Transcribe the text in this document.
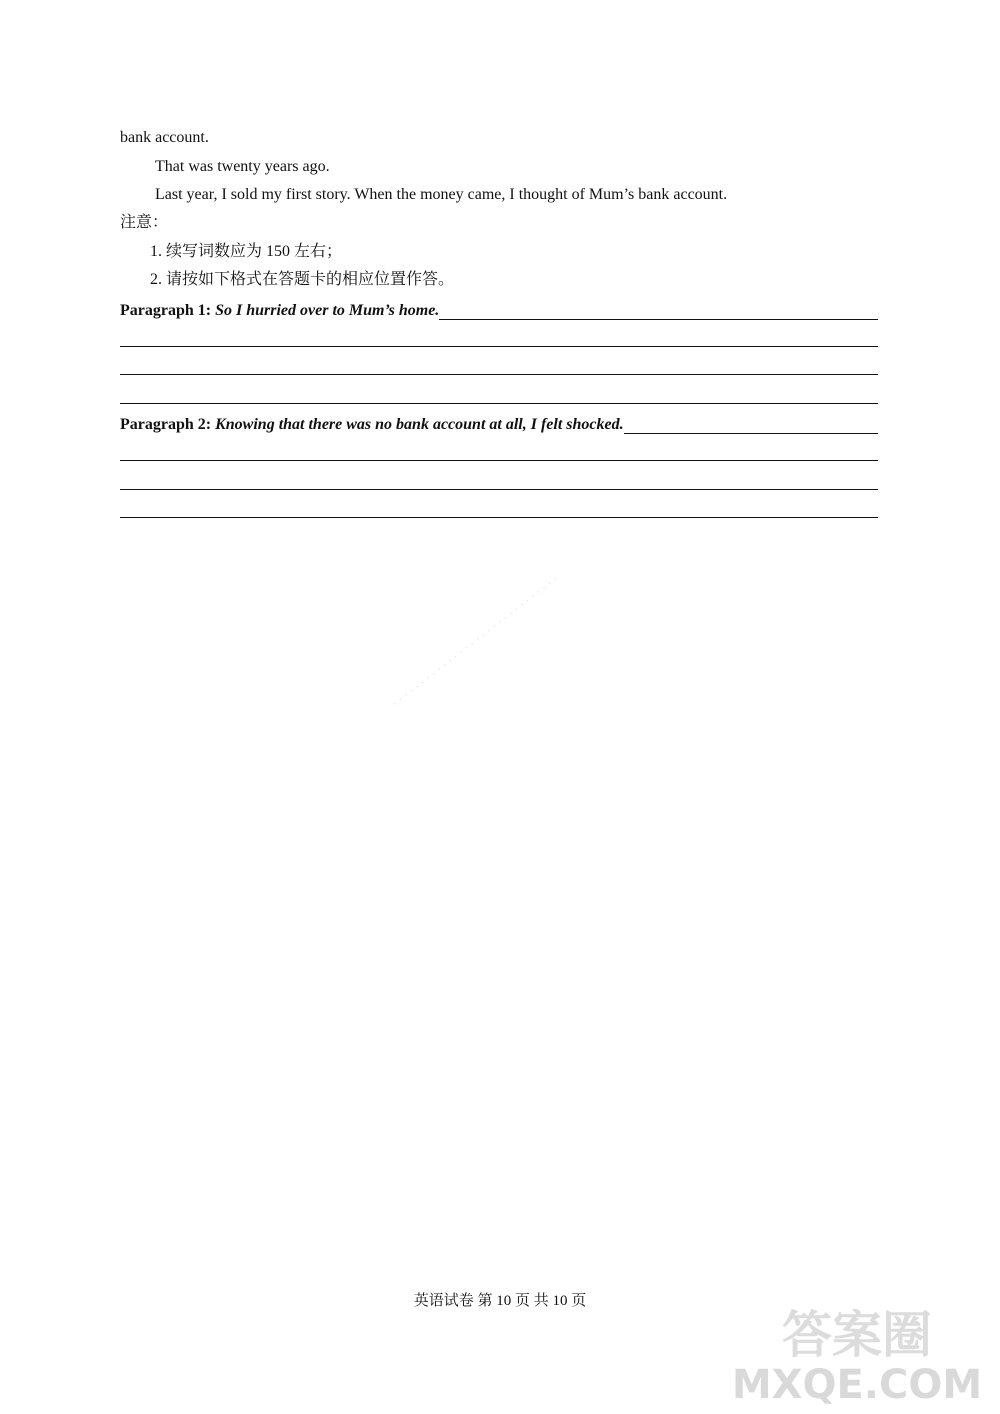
bank account.
That was twenty years ago.
Last year, I sold my first story. When the money came, I thought of Mum’s bank account.
注意：
1. 续写词数应为 150 左右；
2. 请按如下格式在答题卡的相应位置作答。
Paragraph 1: So I hurried over to Mum’s home.
Paragraph 2: Knowing that there was no bank account at all, I felt shocked.
· · · · · · · · · · · · · · · · · · · · · · · · · · · · · ·
英语试卷 第 10 页 共 10 页
答案圈
MXQE.COM
